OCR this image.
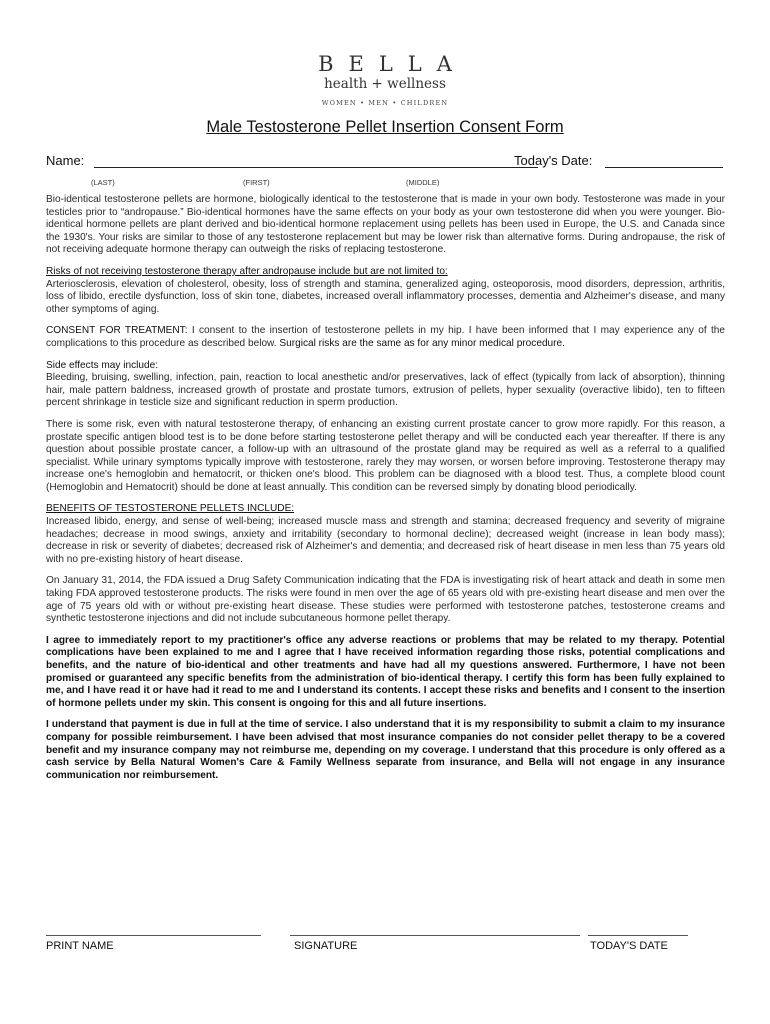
BELLA
health + wellness
WOMEN • MEN • CHILDREN
Male Testosterone Pellet Insertion Consent Form
Name:	Today's Date:
(LAST)	(FIRST)	(MIDDLE)

Bio-identical testosterone pellets are hormone, biologically identical to the testosterone that is made in your own body. Testosterone was made in your testicles prior to “andropause.” Bio-identical hormones have the same effects on your body as your own testosterone did when you were younger. Bio-identical hormone pellets are plant derived and bio-identical hormone replacement using pellets has been used in Europe, the U.S. and Canada since the 1930's. Your risks are similar to those of any testosterone replacement but may be lower risk than alternative forms. During andropause, the risk of not receiving adequate hormone therapy can outweigh the risks of replacing testosterone.

Risks of not receiving testosterone therapy after andropause include but are not limited to:

Arteriosclerosis, elevation of cholesterol, obesity, loss of strength and stamina, generalized aging, osteoporosis, mood disorders, depression, arthritis, loss of libido, erectile dysfunction, loss of skin tone, diabetes, increased overall inflammatory processes, dementia and Alzheimer's disease, and many other symptoms of aging.

CONSENT FOR TREATMENT: I consent to the insertion of testosterone pellets in my hip. I have been informed that I may experience any of the complications to this procedure as described below. Surgical risks are the same as for any minor medical procedure.

Side effects may include:

Bleeding, bruising, swelling, infection, pain, reaction to local anesthetic and/or preservatives, lack of effect (typically from lack of absorption), thinning hair, male pattern baldness, increased growth of prostate and prostate tumors, extrusion of pellets, hyper sexuality (overactive libido), ten to fifteen percent shrinkage in testicle size and significant reduction in sperm production.

There is some risk, even with natural testosterone therapy, of enhancing an existing current prostate cancer to grow more rapidly. For this reason, a prostate specific antigen blood test is to be done before starting testosterone pellet therapy and will be conducted each year thereafter. If there is any question about possible prostate cancer, a follow-up with an ultrasound of the prostate gland may be required as well as a referral to a qualified specialist. While urinary symptoms typically improve with testosterone, rarely they may worsen, or worsen before improving. Testosterone therapy may increase one's hemoglobin and hematocrit, or thicken one's blood. This problem can be diagnosed with a blood test. Thus, a complete blood count (Hemoglobin and Hematocrit) should be done at least annually. This condition can be reversed simply by donating blood periodically.

BENEFITS OF TESTOSTERONE PELLETS INCLUDE:

Increased libido, energy, and sense of well-being; increased muscle mass and strength and stamina; decreased frequency and severity of migraine headaches; decrease in mood swings, anxiety and irritability (secondary to hormonal decline); decreased weight (increase in lean body mass); decrease in risk or severity of diabetes; decreased risk of Alzheimer's and dementia; and decreased risk of heart disease in men less than 75 years old with no pre-existing history of heart disease.

On January 31, 2014, the FDA issued a Drug Safety Communication indicating that the FDA is investigating risk of heart attack and death in some men taking FDA approved testosterone products. The risks were found in men over the age of 65 years old with pre-existing heart disease and men over the age of 75 years old with or without pre-existing heart disease. These studies were performed with testosterone patches, testosterone creams and synthetic testosterone injections and did not include subcutaneous hormone pellet therapy.

I agree to immediately report to my practitioner's office any adverse reactions or problems that may be related to my therapy. Potential complications have been explained to me and I agree that I have received information regarding those risks, potential complications and benefits, and the nature of bio-identical and other treatments and have had all my questions answered. Furthermore, I have not been promised or guaranteed any specific benefits from the administration of bio-identical therapy. I certify this form has been fully explained to me, and I have read it or have had it read to me and I understand its contents. I accept these risks and benefits and I consent to the insertion of hormone pellets under my skin. This consent is ongoing for this and all future insertions.

I understand that payment is due in full at the time of service. I also understand that it is my responsibility to submit a claim to my insurance company for possible reimbursement. I have been advised that most insurance companies do not consider pellet therapy to be a covered benefit and my insurance company may not reimburse me, depending on my coverage. I understand that this procedure is only offered as a cash service by Bella Natural Women's Care & Family Wellness separate from insurance, and Bella will not engage in any insurance communication nor reimbursement.

PRINT NAME	SIGNATURE	TODAY'S DATE
